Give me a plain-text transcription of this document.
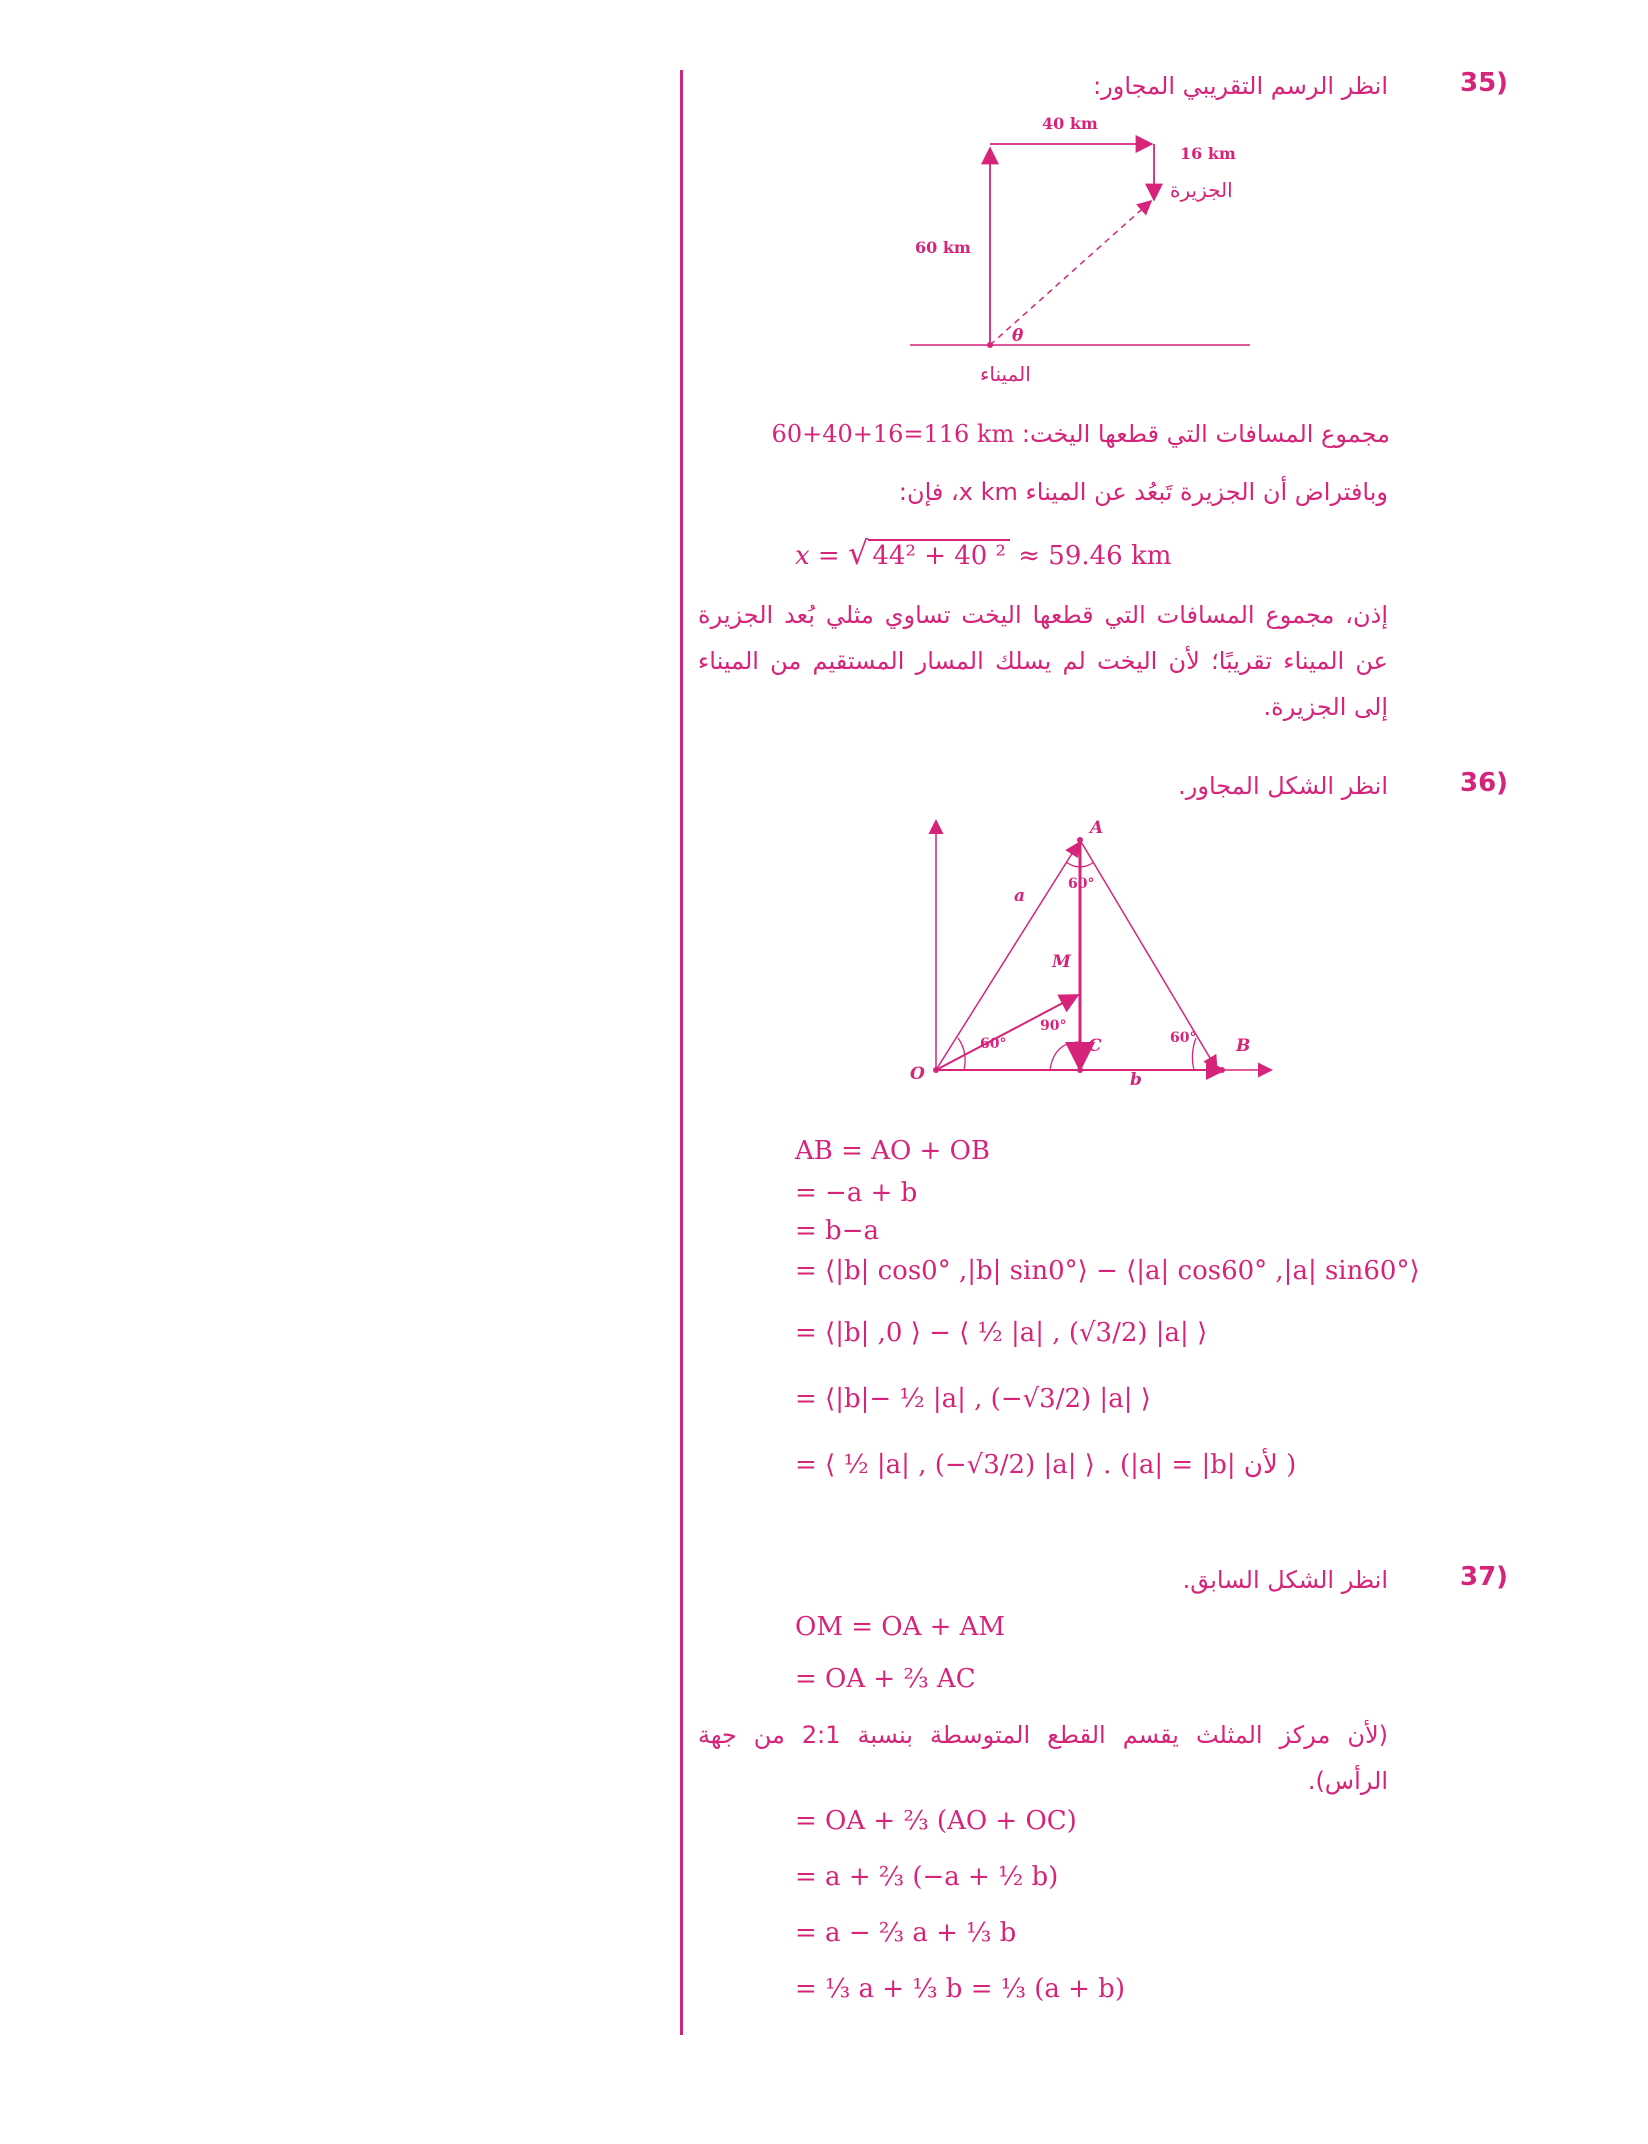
35)
انظر الرسم التقريبي المجاور:
40 km
16 km
الجزيرة
60 km
θ
الميناء
مجموع المسافات التي قطعها اليخت: 60+40+16=116 km
وبافتراض أن الجزيرة تَبعُد عن الميناء x km، فإن:
x = √ 44² + 40 ² ≈ 59.46 km
إذن، مجموع المسافات التي قطعها اليخت تساوي مثلي بُعد الجزيرة عن الميناء تقريبًا؛ لأن اليخت لم يسلك المسار المستقيم من الميناء إلى الجزيرة.
36)
انظر الشكل المجاور.
A
60°
a
M
90°
60°	C	60° B
O	b
AB = AO + OB
= −a + b
= b−a
= ⟨|b| cos0° ,|b| sin0°⟩ − ⟨|a| cos60° ,|a| sin60°⟩
= ⟨|b| ,0 ⟩ − ⟨ ½ |a| , (√3/2) |a| ⟩
= ⟨|b|− ½ |a| , (−√3/2) |a| ⟩
= ⟨ ½ |a| , (−√3/2) |a| ⟩ . (|a| = |b| لأن )
37)
انظر الشكل السابق.
OM = OA + AM
= OA + ⅔ AC
(لأن مركز المثلث يقسم القطع المتوسطة بنسبة 2:1 من جهة الرأس).
= OA + ⅔ (AO + OC)
= a + ⅔ (−a + ½ b)
= a − ⅔ a + ⅓ b
= ⅓ a + ⅓ b = ⅓ (a + b)
